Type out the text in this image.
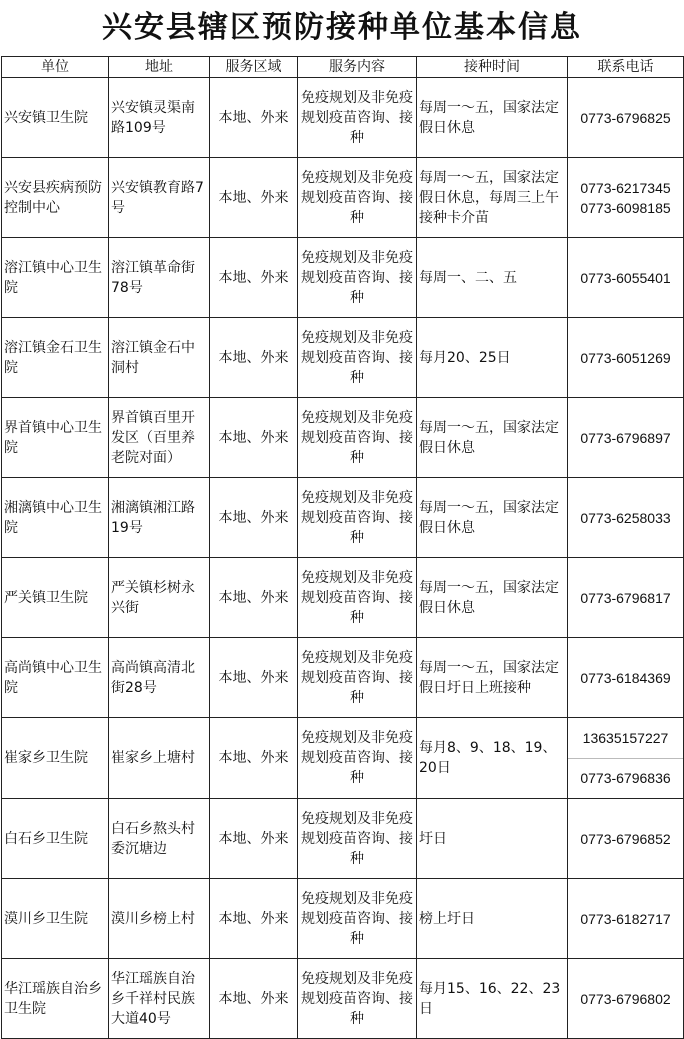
兴安县辖区预防接种单位基本信息
单位	地址	服务区域	服务内容	接种时间	联系电话
兴安镇卫生院	兴安镇灵渠南路109号	本地、外来	免疫规划及非免疫规划疫苗咨询、接种	每周一～五，国家法定假日休息	0773-6796825

兴安县疾病预防控制中心	兴安镇教育路7号	本地、外来	免疫规划及非免疫规划疫苗咨询、接种	每周一～五，国家法定假日休息，每周三上午接种卡介苗	0773-6217345
0773-6098185

溶江镇中心卫生院	溶江镇革命街78号	本地、外来	免疫规划及非免疫规划疫苗咨询、接种	每周一、二、五	0773-6055401

溶江镇金石卫生院	溶江镇金石中洞村	本地、外来	免疫规划及非免疫规划疫苗咨询、接种	每月20、25日	0773-6051269

界首镇中心卫生院	界首镇百里开发区（百里养老院对面）	本地、外来	免疫规划及非免疫规划疫苗咨询、接种	每周一～五，国家法定假日休息	0773-6796897

湘漓镇中心卫生院	湘漓镇湘江路19号	本地、外来	免疫规划及非免疫规划疫苗咨询、接种	每周一～五，国家法定假日休息	0773-6258033

严关镇卫生院	严关镇杉树永兴街	本地、外来	免疫规划及非免疫规划疫苗咨询、接种	每周一～五，国家法定假日休息	0773-6796817

高尚镇中心卫生院	高尚镇高清北街28号	本地、外来	免疫规划及非免疫规划疫苗咨询、接种	每周一～五，国家法定假日圩日上班接种	0773-6184369

崔家乡卫生院	崔家乡上塘村	本地、外来	免疫规划及非免疫规划疫苗咨询、接种	每月8、9、18、19、20日	13635157227
0773-6796836

白石乡卫生院	白石乡熬头村委沉塘边	本地、外来	免疫规划及非免疫规划疫苗咨询、接种	圩日	0773-6796852

漠川乡卫生院	漠川乡榜上村	本地、外来	免疫规划及非免疫规划疫苗咨询、接种	榜上圩日	0773-6182717

华江瑶族自治乡卫生院	华江瑶族自治乡千祥村民族大道40号	本地、外来	免疫规划及非免疫规划疫苗咨询、接种	每月15、16、22、23日	0773-6796802
